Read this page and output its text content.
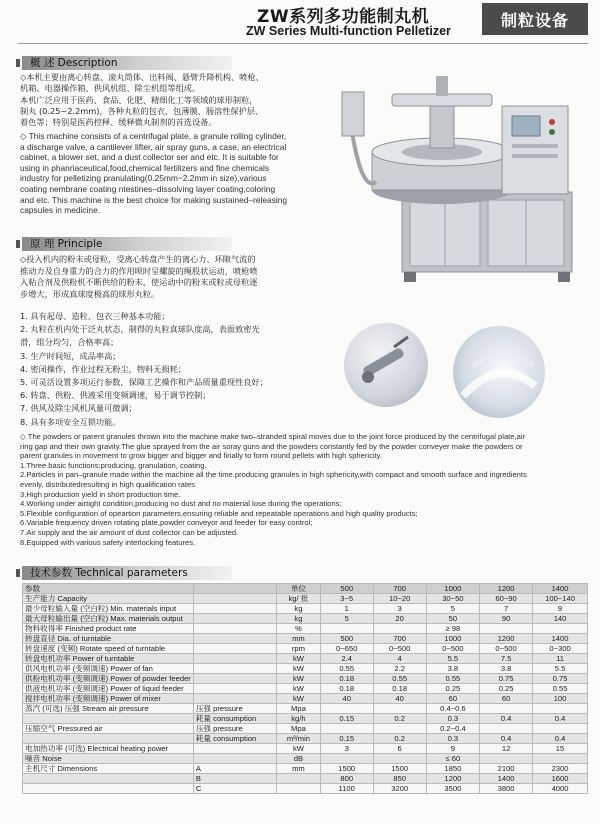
ZW系列多功能制丸机
ZW Series Multi-function Pelletizer
制粒设备
概 述 Description

◇本机主要由离心转盘、滚丸筒体、出料阀、悬臂升降机构、喷枪、

机箱、电器操作箱、供风机组、除尘机组等组成。

本机广泛应用于医药、食品、化肥、精细化工等领域的球形制粒，

制丸 (0.25~2.2mm)，各种丸粒的包衣，包薄膜、肠溶性保护层、

着色等；特别是医药控释、缓释微丸制剂的首选设备。

◇ This machine consists of a centrifugal plate, a granule rolling cylinder,

a discharge valve, a cantilever lifter, air spray guns, a case, an electrical

cabinet, a blower set, and a dust collector ser and etc. It is suitable for

using in phanriaceutical,food,chemical fertilizers and fine chemicals

industry for pelletizing pranulating(0.25mm~2.2mm in size),various

coating nembrane coating ntestines–dissolving layer coating,coloring

and etc. This machine is the best choice for making sustained–releasing

capsules in medicine.

原 理 Principle

◇投入机内的粉末或母粒，受离心转盘产生的离心力、环隙气流的

推动力及自身重力的合力的作用呗时呈螺旋的绳股状运动，喷枪喷

入粘合剂及供粉机不断供给的粉末，使运动中的粉末或粒或母粒逐

步增大，形成真球度极高的球形丸粒。

1. 具有起母、造粒、包衣三种基本功能；

2. 丸粒在机内处于泛丸状态，制得的丸粒真球队度高，表面致密光

滑，组分均匀，合格率高；

3. 生产时间短，成品率高；

4. 密闭操作，作业过程无粉尘，物料无损耗；

5. 可灵活设置多项运行参数，保障工艺操作和产品质量重现性良好；

6. 转盘、供粉、供液采用变频调速，易于调节控制；

7. 供风及除尘风机风量可微调；

8. 具有多项安全互锁功能。

◇ The powders or parent granules thrown into the machine make two–stranded spiral moves due to the joint force produced by the centrifugal plate,air

ring gap and their own gravity.The glue sprayed from the air soray guns and the powders constantly fed by the powder conveyer make the powders or

parent granules in movement to grow bigger and bigger and finally to form round pellets with high sphericity.

1.Three basic functions:producing, granulation, coating.

2.Particles in pan–granule made within the machine all the time.producing granules in high sphericity,with compact and smooth surface and ingredients

evenly, distributedresulting in high qualification rates

3.High production yield in short production time.

4.Working under airtight condition,producing no dust and no material lose during the operations;

5.Flexible configuration of opeartion parameters,ensuring reliable and repeatable operations and high quality products;

6.Variable frequency driven rotating plate,powder conveyor and feeder for easy control;

7.Air supply and the air amount of dust collector can be adjusted.

8.Equipped with various safety interlocking features.

技术参数 Technical parameters
参数		单位	500	700	1000	1200	1400
生产能力 Capacity		kg/ 批	3~5	10~20	30~50	60~90	100~140
最少母粒输入量 (空白粒) Min. materials input		kg	1	3	5	7	9
最大母粒输出量 (空白粒) Max. materials output		kg	5	20	50	90	140
物料收得率 Finished product rate		%			≥ 98		
转盘直径 Dia. of turntable		mm	500	700	1000	1200	1400
转盘速度 (变频) Rotate speed of turntable		rpm	0~650	0~500	0~500	0~500	0~300
转盘电机功率 Power of turntable		kW	2.4	4	5.5	7.5	11
供风电机功率 (变频调速) Power of fan		kW	0.55	2.2	3.8	3.8	5.5
供粉电机功率 (变频调速) Power of powder feeder		kW	0.18	0.55	0.55	0.75	0.75
供液电机功率 (变频调速) Power of liquid feeder		kW	0.18	0.18	0.25	0.25	0.55
搅拌电机功率 (变频调速) Power of mixer		kW	40	40	60	60	100
蒸汽 (可选) 压强 Stream air pressure	压强 pressure	Mpa			0.4~0.6		
	耗量 consumption	kg/h	0.15	0.2	0.3	0.4	0.4
压缩空气 Pressured air	压强 pressure	Mpa			0.2~0.4		
	耗量 consumption	m³/min	0.15	0.2	0.3	0.4	0.4
电加热功率 (可选) Electrical heating power		kW	3	6	9	12	15
噪音 Noise		dB			≤ 60		
主机尺寸 Dimensions	A	mm	1500	1500	1850	2100	2300
	B		800	850	1200	1400	1600
	C		1100	3200	3500	3800	4000
